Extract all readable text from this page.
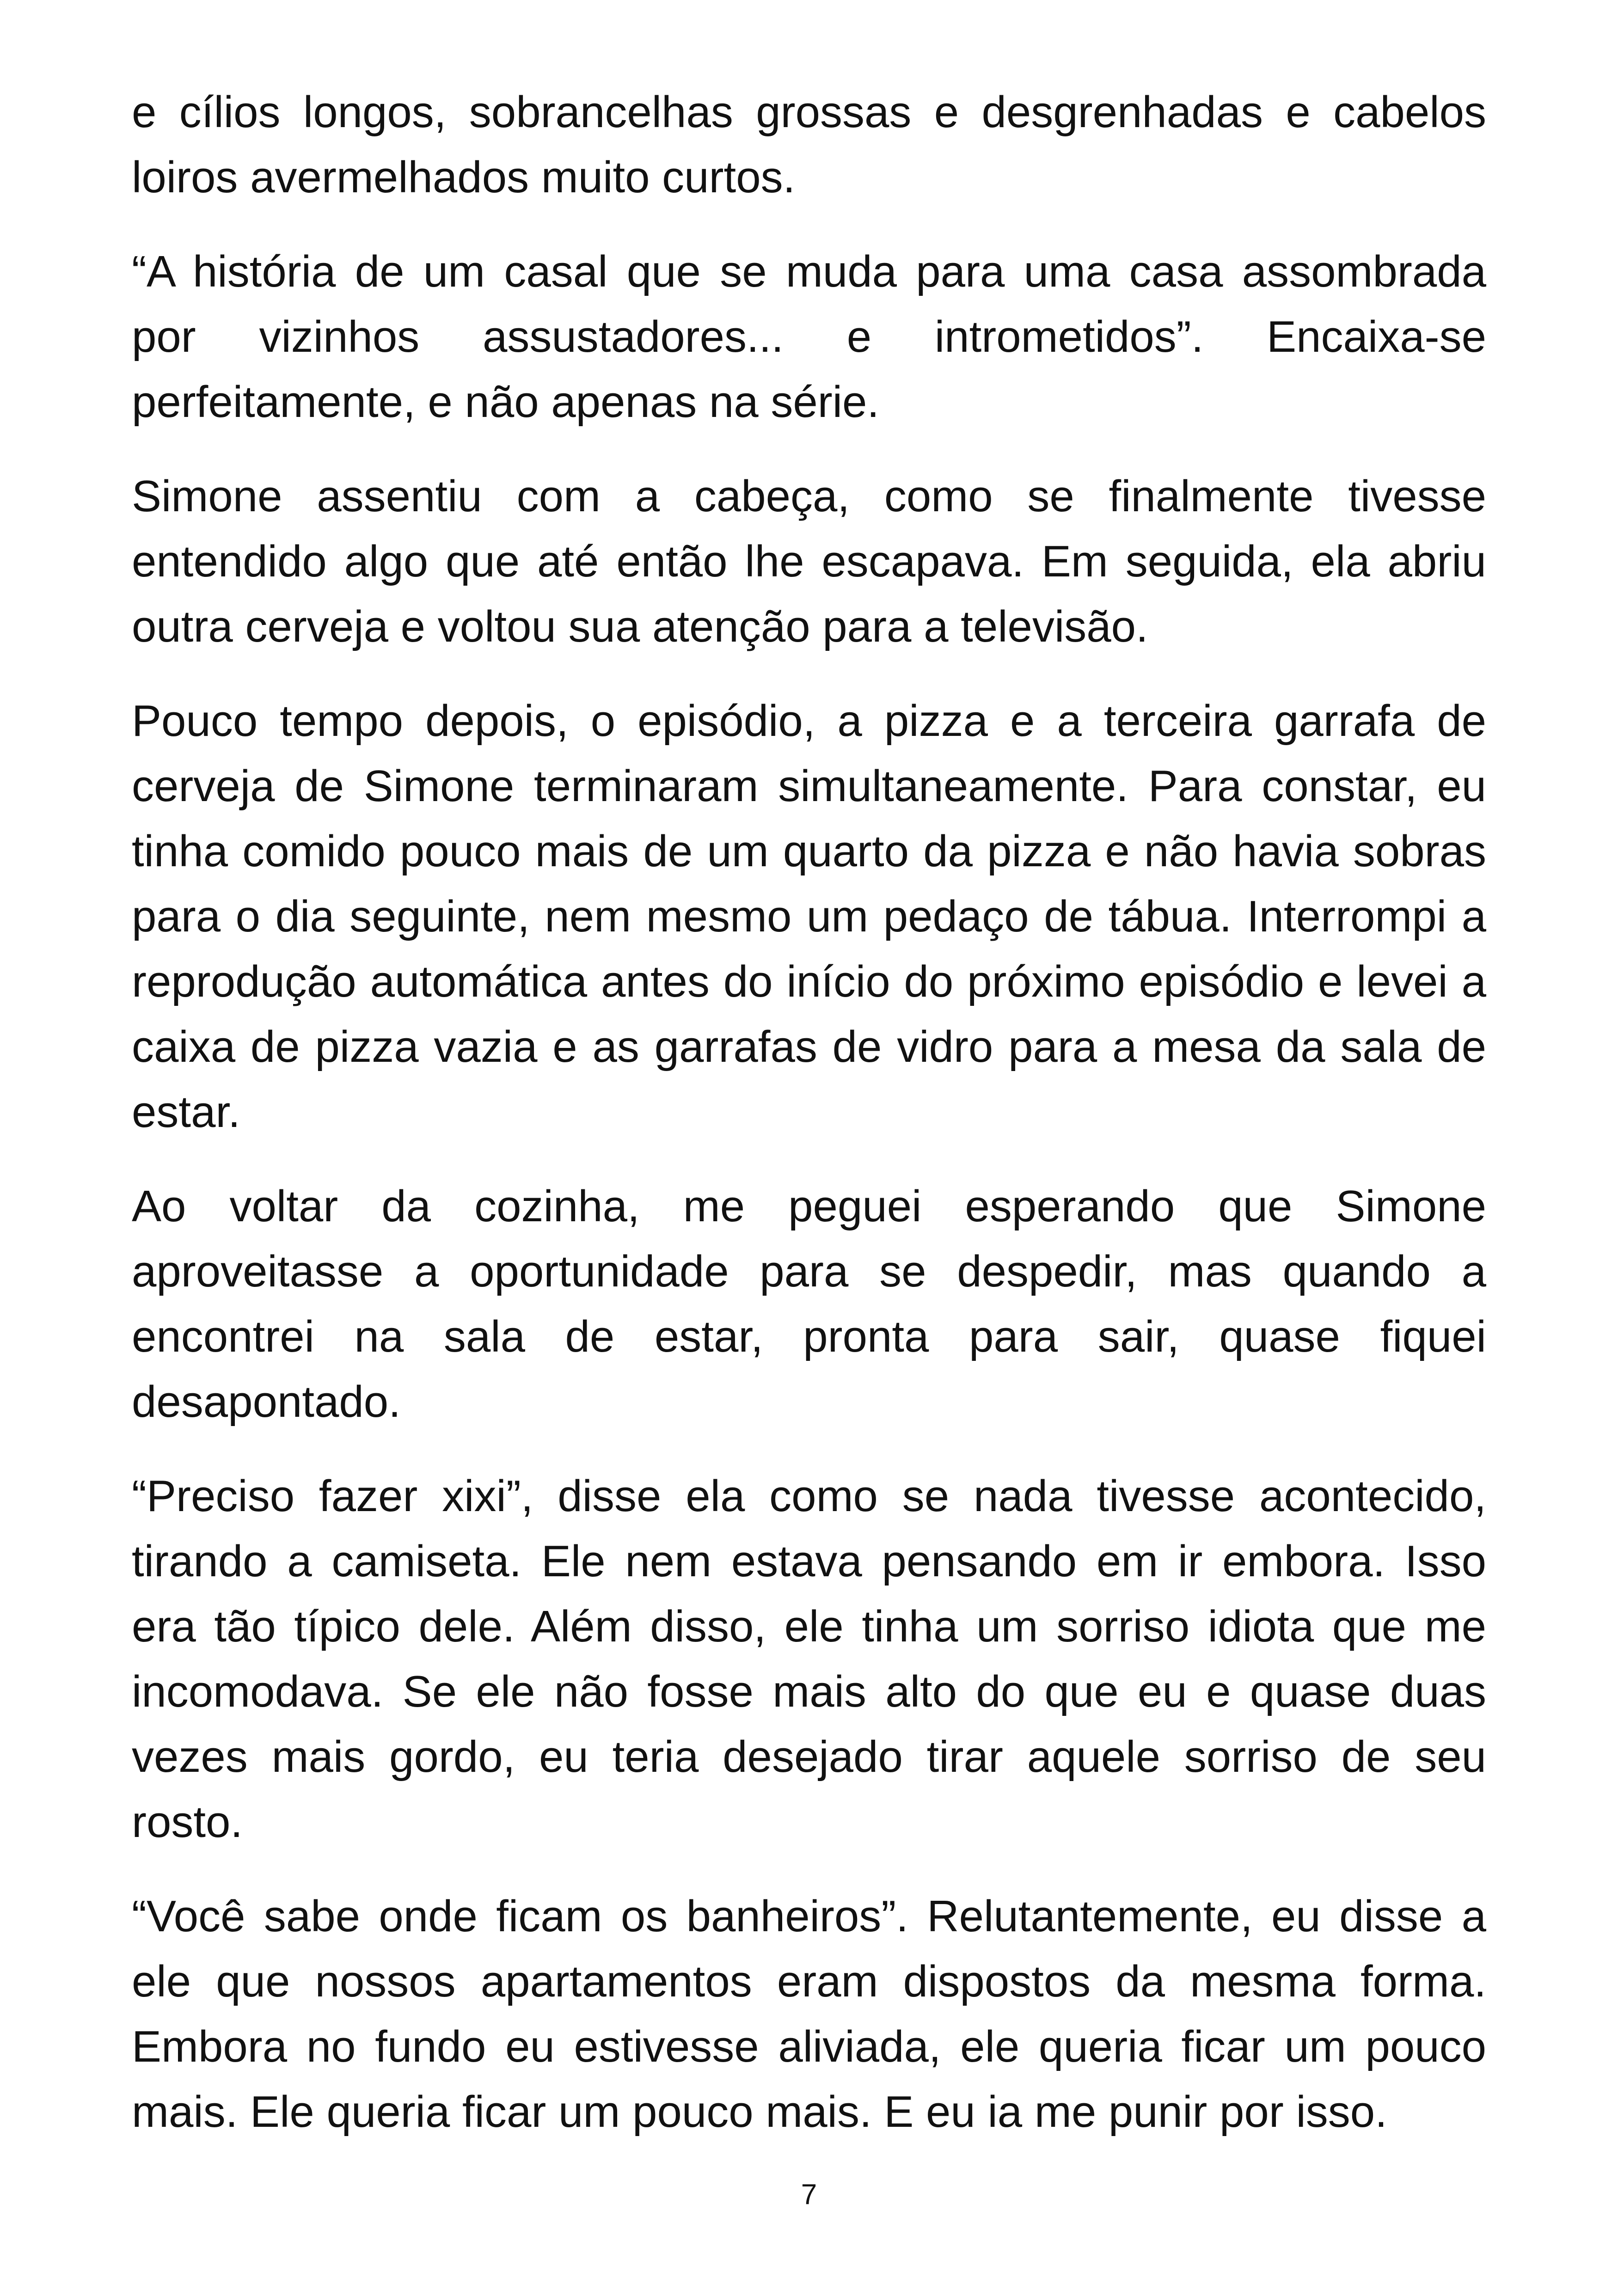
e cílios longos, sobrancelhas grossas e desgrenhadas e cabelos loiros avermelhados muito curtos.

“A história de um casal que se muda para uma casa assombrada por vizinhos assustadores... e intrometidos”. Encaixa-se perfeitamente, e não apenas na série.

Simone assentiu com a cabeça, como se finalmente tivesse entendido algo que até então lhe escapava. Em seguida, ela abriu outra cerveja e voltou sua atenção para a televisão.

Pouco tempo depois, o episódio, a pizza e a terceira garrafa de cerveja de Simone terminaram simultaneamente. Para constar, eu tinha comido pouco mais de um quarto da pizza e não havia sobras para o dia seguinte, nem mesmo um pedaço de tábua. Interrompi a reprodução automática antes do início do próximo episódio e levei a caixa de pizza vazia e as garrafas de vidro para a mesa da sala de estar.

Ao voltar da cozinha, me peguei esperando que Simone aproveitasse a oportunidade para se despedir, mas quando a encontrei na sala de estar, pronta para sair, quase fiquei desapontado.

“Preciso fazer xixi”, disse ela como se nada tivesse acontecido, tirando a camiseta. Ele nem estava pensando em ir embora. Isso era tão típico dele. Além disso, ele tinha um sorriso idiota que me incomodava. Se ele não fosse mais alto do que eu e quase duas vezes mais gordo, eu teria desejado tirar aquele sorriso de seu rosto.

“Você sabe onde ficam os banheiros”. Relutantemente, eu disse a ele que nossos apartamentos eram dispostos da mesma forma. Embora no fundo eu estivesse aliviada, ele queria ficar um pouco mais. Ele queria ficar um pouco mais. E eu ia me punir por isso.

7
